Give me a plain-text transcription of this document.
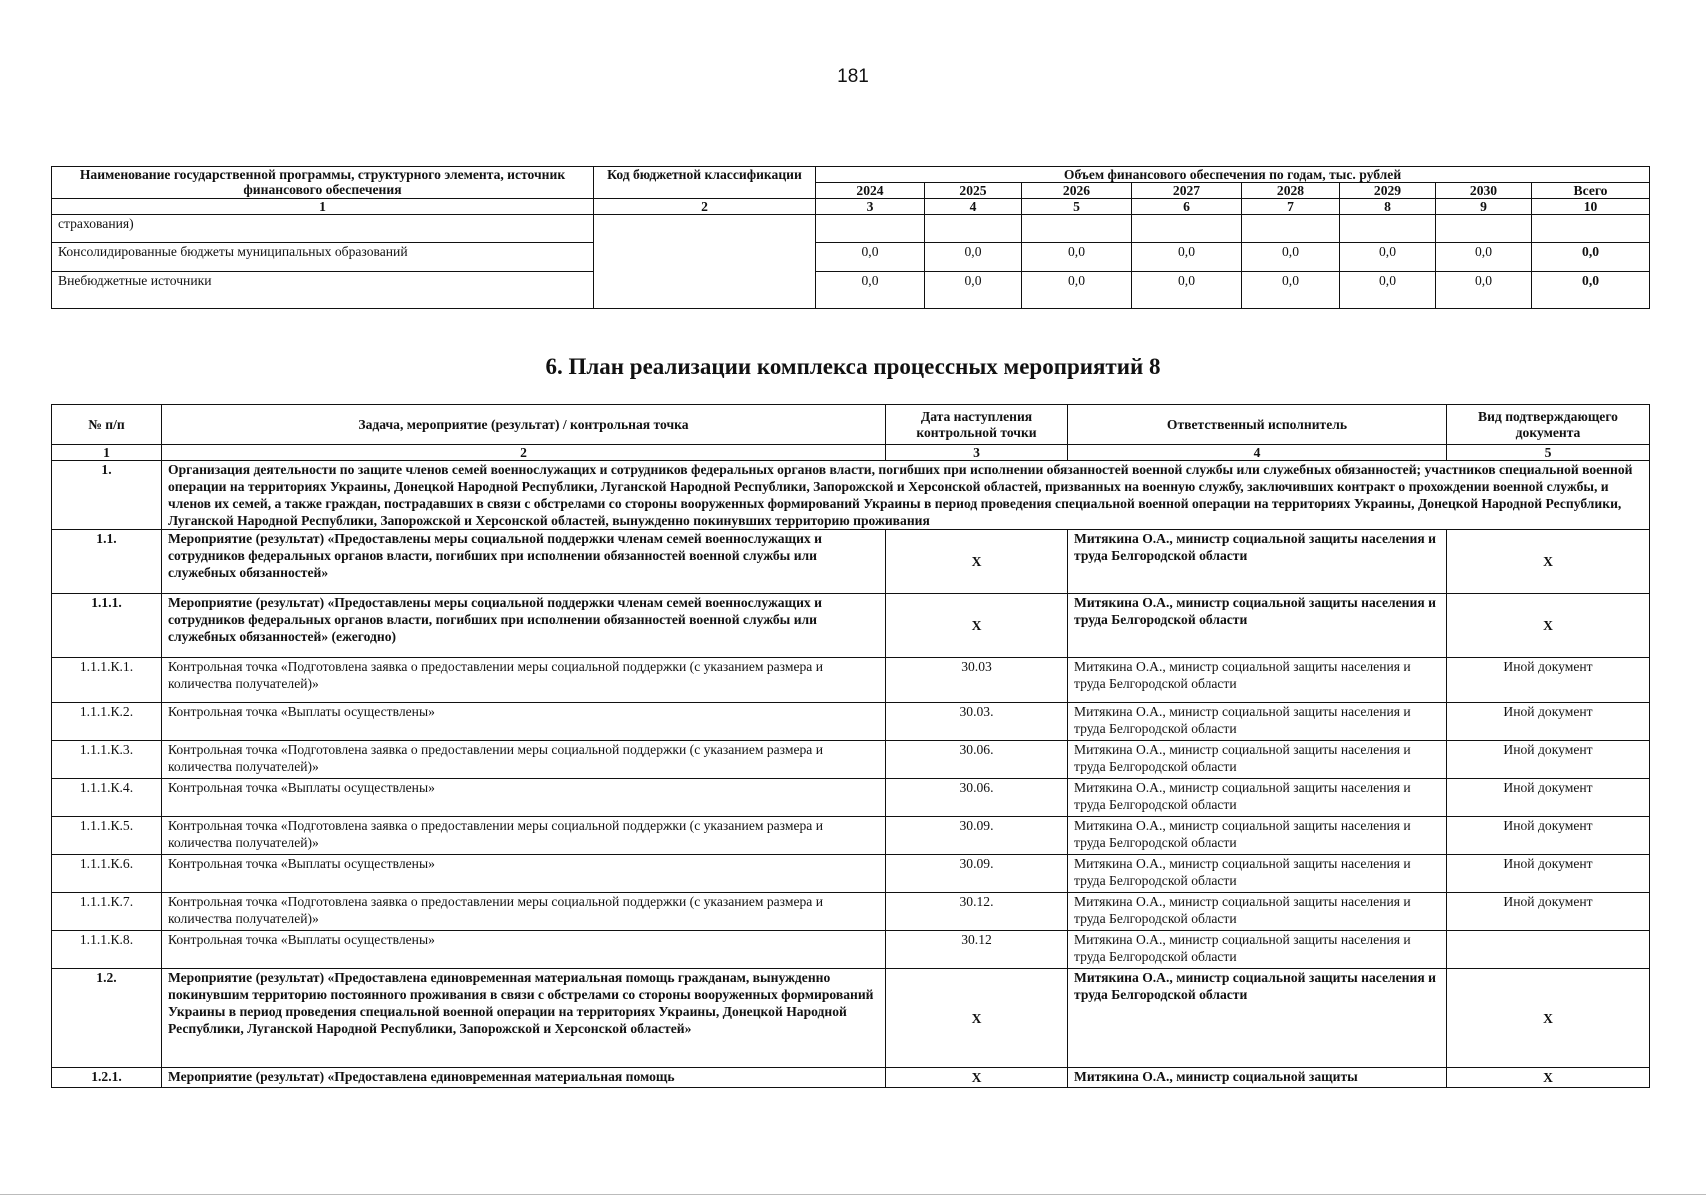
181
Наименование государственной программы, структурного элемента, источник финансового обеспечения	Код бюджетной классификации	Объем финансового обеспечения по годам, тыс. рублей							
		2024	2025	2026	2027	2028	2029	2030	Всего
1	2	3	4	5	6	7	8	9	10
страхования)									
Консолидированные бюджеты муниципальных образований		0,0	0,0	0,0	0,0	0,0	0,0	0,0	0,0
Внебюджетные источники		0,0	0,0	0,0	0,0	0,0	0,0	0,0	0,0
6. План реализации комплекса процессных мероприятий 8
№ п/п	Задача, мероприятие (результат) / контрольная точка	Дата наступления контрольной точки	Ответственный исполнитель	Вид подтверждающего документа
1	2	3	4	5
1.	Организация деятельности по защите членов семей военнослужащих и сотрудников федеральных органов власти, погибших при исполнении обязанностей военной службы или служебных обязанностей; участников специальной военной операции на территориях Украины, Донецкой Народной Республики, Луганской Народной Республики, Запорожской и Херсонской областей, призванных на военную службу, заключивших контракт о прохождении военной службы, и членов их семей, а также граждан, пострадавших в связи с обстрелами со стороны вооруженных формирований Украины в период проведения специальной военной операции на территориях Украины, Донецкой Народной Республики, Луганской Народной Республики, Запорожской и Херсонской областей, вынужденно покинувших территорию проживания			
1.1.	Мероприятие (результат) «Предоставлены меры социальной поддержки членам семей военнослужащих и сотрудников федеральных органов власти, погибших при исполнении обязанностей военной службы или служебных обязанностей»	X	Митякина О.А., министр социальной защиты населения и труда Белгородской области	X
1.1.1.	Мероприятие (результат) «Предоставлены меры социальной поддержки членам семей военнослужащих и сотрудников федеральных органов власти, погибших при исполнении обязанностей военной службы или служебных обязанностей» (ежегодно)	X	Митякина О.А., министр социальной защиты населения и труда Белгородской области	X
1.1.1.К.1.	Контрольная точка «Подготовлена заявка о предоставлении меры социальной поддержки (с указанием размера и количества получателей)»	30.03	Митякина О.А., министр социальной защиты населения и труда Белгородской области	Иной документ
1.1.1.К.2.	Контрольная точка «Выплаты осуществлены»	30.03.	Митякина О.А., министр социальной защиты населения и труда Белгородской области	Иной документ
1.1.1.К.3.	Контрольная точка «Подготовлена заявка о предоставлении меры социальной поддержки (с указанием размера и количества получателей)»	30.06.	Митякина О.А., министр социальной защиты населения и труда Белгородской области	Иной документ
1.1.1.К.4.	Контрольная точка «Выплаты осуществлены»	30.06.	Митякина О.А., министр социальной защиты населения и труда Белгородской области	Иной документ
1.1.1.К.5.	Контрольная точка «Подготовлена заявка о предоставлении меры социальной поддержки (с указанием размера и количества получателей)»	30.09.	Митякина О.А., министр социальной защиты населения и труда Белгородской области	Иной документ
1.1.1.К.6.	Контрольная точка «Выплаты осуществлены»	30.09.	Митякина О.А., министр социальной защиты населения и труда Белгородской области	Иной документ
1.1.1.К.7.	Контрольная точка «Подготовлена заявка о предоставлении меры социальной поддержки (с указанием размера и количества получателей)»	30.12.	Митякина О.А., министр социальной защиты населения и труда Белгородской области	Иной документ
1.1.1.К.8.	Контрольная точка «Выплаты осуществлены»	30.12	Митякина О.А., министр социальной защиты населения и труда Белгородской области	
1.2.	Мероприятие (результат) «Предоставлена единовременная материальная помощь гражданам, вынужденно покинувшим территорию постоянного проживания в связи с обстрелами со стороны вооруженных формирований Украины в период проведения специальной военной операции на территориях Украины, Донецкой Народной Республики, Луганской Народной Республики, Запорожской и Херсонской областей»	X	Митякина О.А., министр социальной защиты населения и труда Белгородской области	X
1.2.1.	Мероприятие (результат) «Предоставлена единовременная материальная помощь	X	Митякина О.А., министр социальной защиты	X
